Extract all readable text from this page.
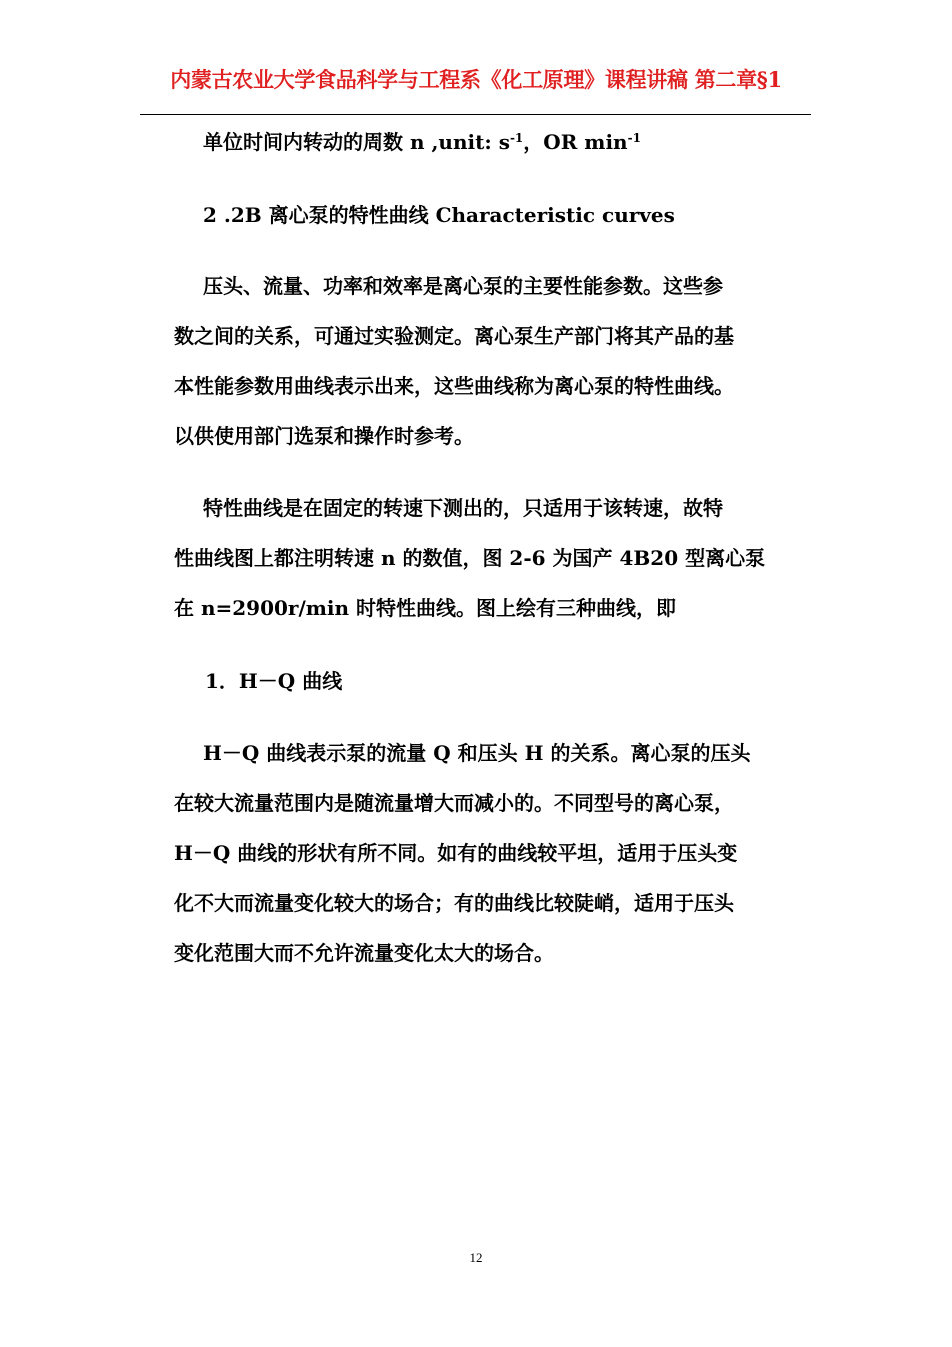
内蒙古农业大学食品科学与工程系《化工原理》课程讲稿 第二章§1
单位时间内转动的周数 n ,unit: $s^{-1}$，OR $\min^{-1}$
2 .2B 离心泵的特性曲线 Characteristic curves
压头、流量、功率和效率是离心泵的主要性能参数。这些参
数之间的关系，可通过实验测定。离心泵生产部门将其产品的基
本性能参数用曲线表示出来，这些曲线称为离心泵的特性曲线。
以供使用部门选泵和操作时参考。
特性曲线是在固定的转速下测出的，只适用于该转速，故特
性曲线图上都注明转速 n 的数值，图 2-6 为国产 4B20 型离心泵
在 n=2900r/min 时特性曲线。图上绘有三种曲线，即
1．H－Q 曲线
H－Q 曲线表示泵的流量 Q 和压头 H 的关系。离心泵的压头
在较大流量范围内是随流量增大而减小的。不同型号的离心泵，
H－Q 曲线的形状有所不同。如有的曲线较平坦，适用于压头变
化不大而流量变化较大的场合；有的曲线比较陡峭，适用于压头
变化范围大而不允许流量变化太大的场合。
12
